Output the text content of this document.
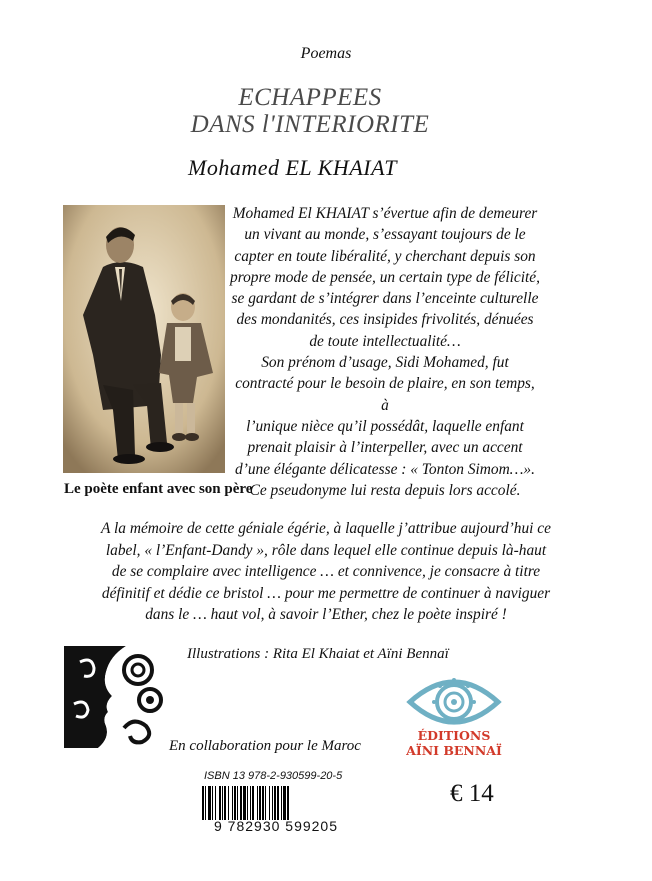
Poemas
ECHAPPEES
DANS l'INTERIORITE
Mohamed EL KHAIAT
Le poète enfant avec son père
Mohamed El KHAIAT s’évertue afin de demeurer
un vivant au monde, s’essayant toujours de le
capter en toute libéralité, y cherchant depuis son
propre mode de pensée, un certain type de félicité,
se gardant de s’intégrer dans l’enceinte culturelle
des mondanités, ces insipides frivolités, dénuées
de toute intellectualité…
Son prénom d’usage, Sidi Mohamed, fut
contracté pour le besoin de plaire, en son temps, à
l’unique nièce qu’il possédât, laquelle enfant
prenait plaisir à l’interpeller, avec un accent
d’une élégante délicatesse : « Tonton Simom…».
Ce pseudonyme lui resta depuis lors accolé.
A la mémoire de cette géniale égérie, à laquelle j’attribue aujourd’hui ce
label, « l’Enfant-Dandy », rôle dans lequel elle continue depuis là-haut
de se complaire avec intelligence … et connivence, je consacre à titre
définitif et dédie ce bristol … pour me permettre de continuer à naviguer
dans le … haut vol, à savoir l’Ether, chez le poète inspiré !
Illustrations : Rita El Khaiat et Aïni Bennaï
En collaboration pour le Maroc
ÉDITIONS
AÏNI BENNAÏ
ISBN 13 978-2-930599-20-5
9 782930 599205
€ 14
